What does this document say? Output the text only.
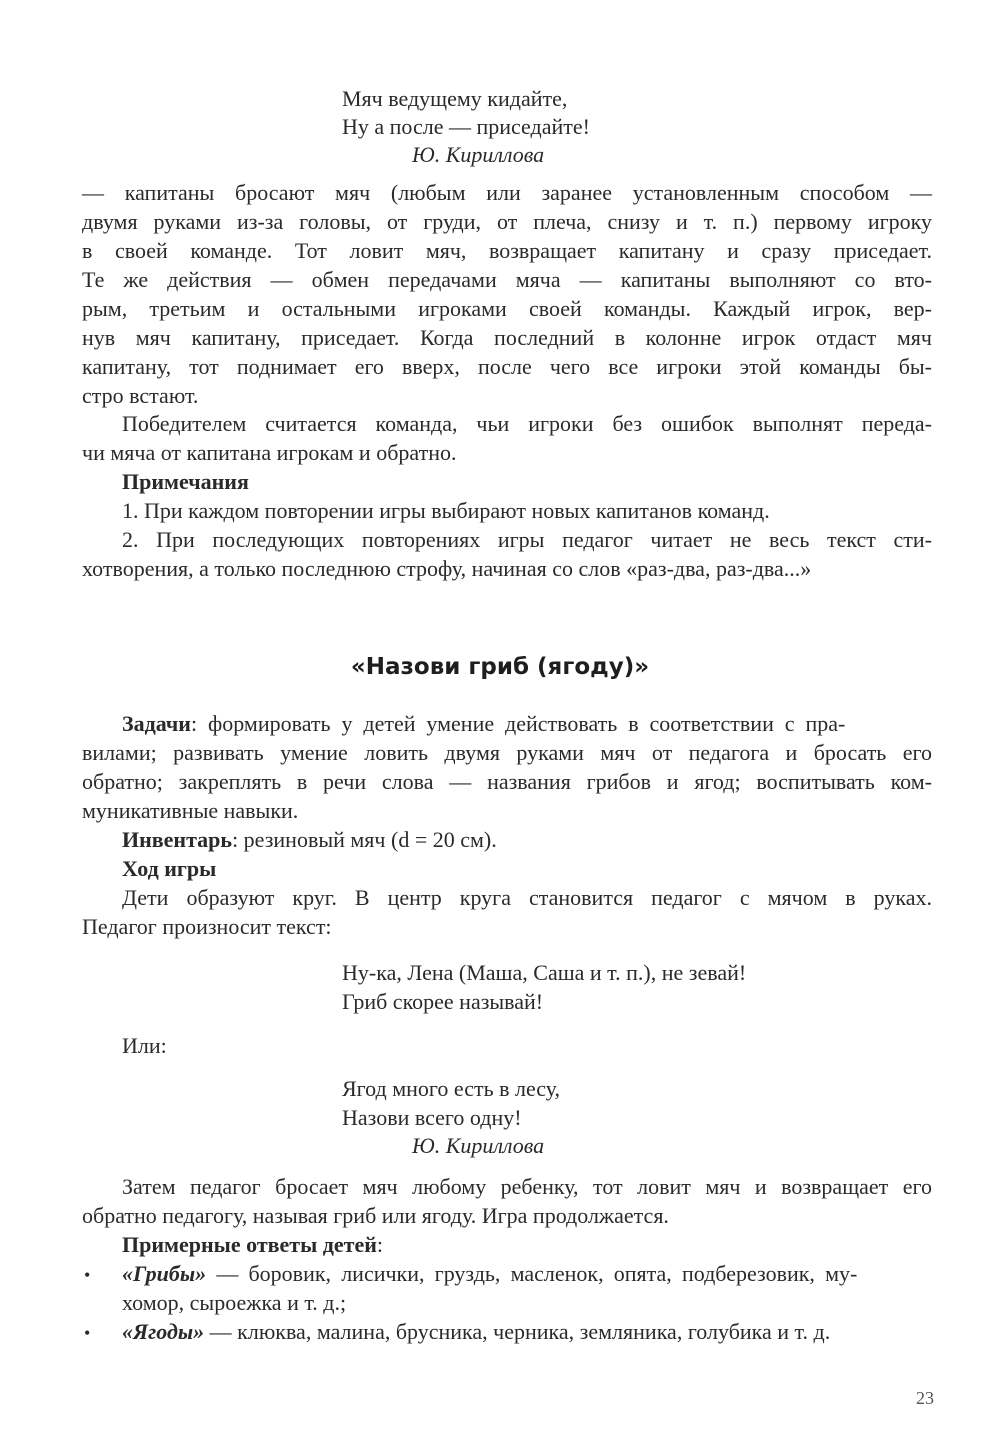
Мяч ведущему кидайте,
Ну а после — приседайте!
Ю. Кириллова
— капитаны бросают мяч (любым или заранее установленным способом —
двумя руками из-за головы, от груди, от плеча, снизу и т. п.) первому игроку
в своей команде. Тот ловит мяч, возвращает капитану и сразу приседает.
Те же действия — обмен передачами мяча — капитаны выполняют со вто-
рым, третьим и остальными игроками своей команды. Каждый игрок, вер-
нув мяч капитану, приседает. Когда последний в колонне игрок отдаст мяч
капитану, тот поднимает его вверх, после чего все игроки этой команды бы-
стро встают.
Победителем считается команда, чьи игроки без ошибок выполнят переда-
чи мяча от капитана игрокам и обратно.
Примечания
1. При каждом повторении игры выбирают новых капитанов команд.
2. При последующих повторениях игры педагог читает не весь текст сти-
хотворения, а только последнюю строфу, начиная со слов «раз-два, раз-два...»
«Назови гриб (ягоду)»
Задачи: формировать у детей умение действовать в соответствии с пра-
вилами; развивать умение ловить двумя руками мяч от педагога и бросать его
обратно; закреплять в речи слова — названия грибов и ягод; воспитывать ком-
муникативные навыки.
Инвентарь: резиновый мяч (d = 20 см).
Ход игры
Дети образуют круг. В центр круга становится педагог с мячом в руках.
Педагог произносит текст:
Ну-ка, Лена (Маша, Саша и т. п.), не зевай!
Гриб скорее называй!
Или:
Ягод много есть в лесу,
Назови всего одну!
Ю. Кириллова
Затем педагог бросает мяч любому ребенку, тот ловит мяч и возвращает его
обратно педагогу, называя гриб или ягоду. Игра продолжается.
Примерные ответы детей:
• «Грибы» — боровик, лисички, груздь, масленок, опята, подберезовик, му-
хомор, сыроежка и т. д.;
• «Ягоды» — клюква, малина, брусника, черника, земляника, голубика и т. д.
23
